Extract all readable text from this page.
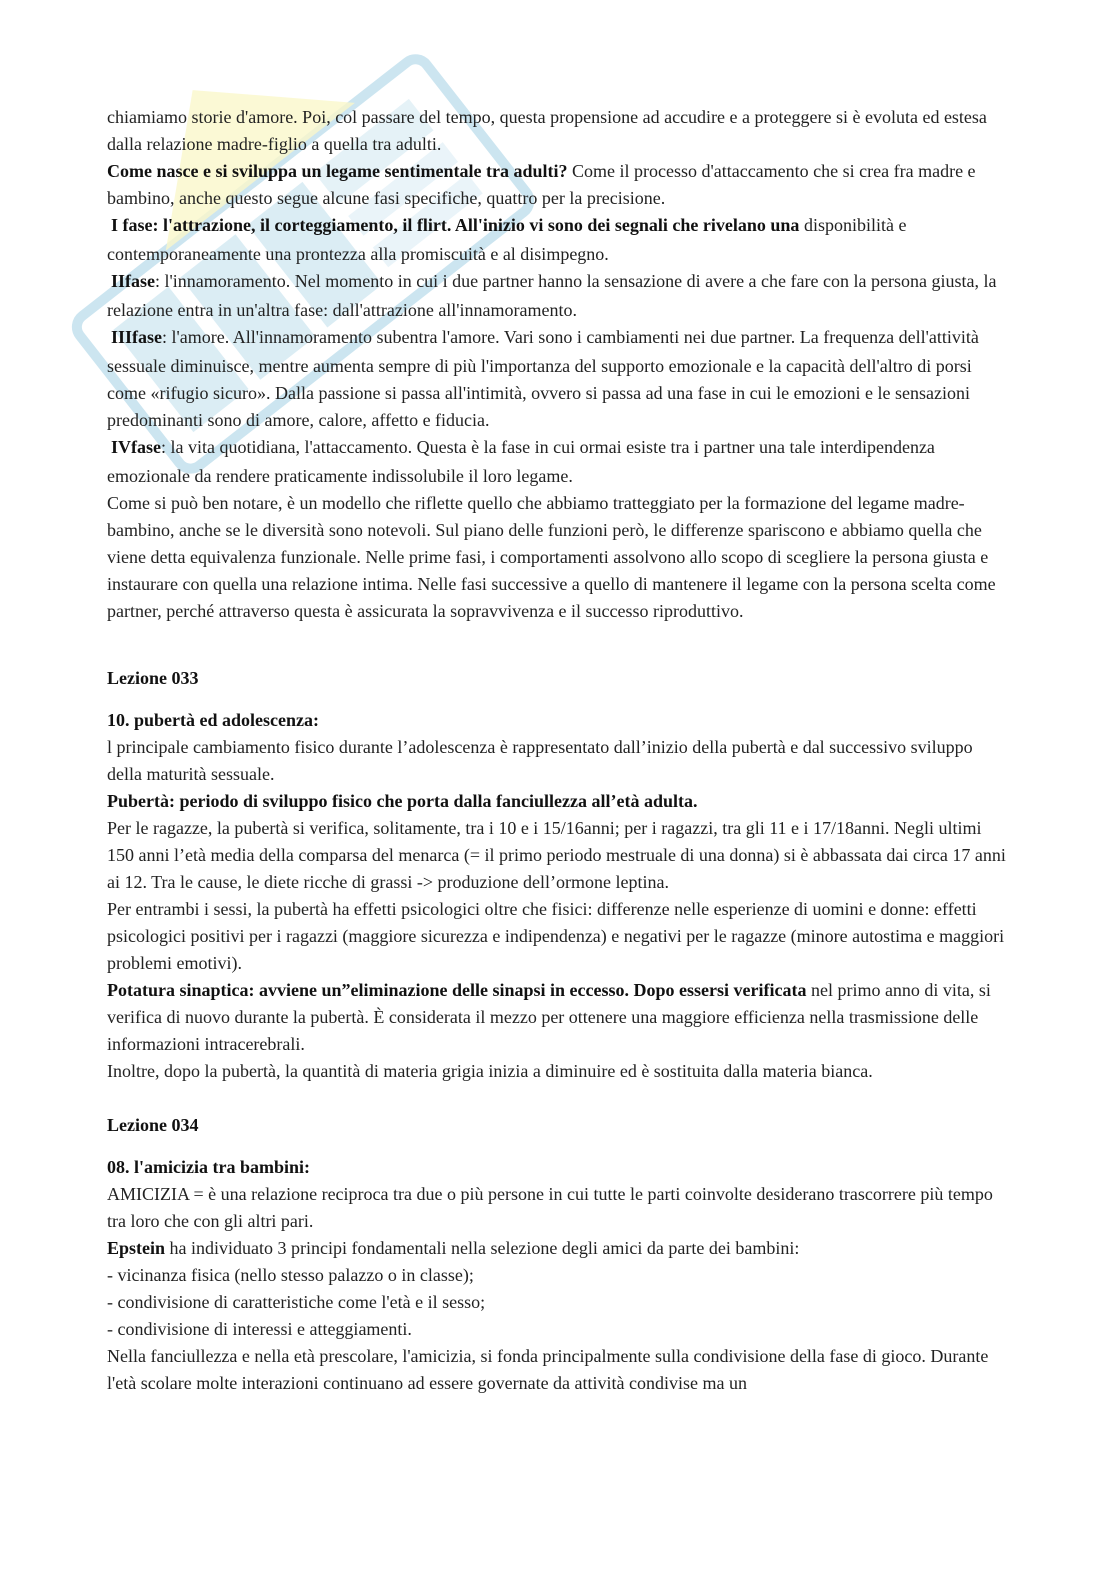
chiamiamo storie d'amore. Poi, col passare del tempo, questa propensione ad accudire e a proteggere si è evoluta ed estesa dalla relazione madre-figlio a quella tra adulti.

Come nasce e si sviluppa un legame sentimentale tra adulti? Come il processo d'attaccamento che si crea fra madre e bambino, anche questo segue alcune fasi specifiche, quattro per la precisione.

I fase: l'attrazione, il corteggiamento, il flirt. All'inizio vi sono dei segnali che rivelano una disponibilità e contemporaneamente una prontezza alla promiscuità e al disimpegno.

IIfase: l'innamoramento. Nel momento in cui i due partner hanno la sensazione di avere a che fare con la persona giusta, la relazione entra in un'altra fase: dall'attrazione all'innamoramento.

IIIfase: l'amore. All'innamoramento subentra l'amore. Vari sono i cambiamenti nei due partner. La frequenza dell'attività sessuale diminuisce, mentre aumenta sempre di più l'importanza del supporto emozionale e la capacità dell'altro di porsi come «rifugio sicuro». Dalla passione si passa all'intimità, ovvero si passa ad una fase in cui le emozioni e le sensazioni predominanti sono di amore, calore, affetto e fiducia.

IVfase: la vita quotidiana, l'attaccamento. Questa è la fase in cui ormai esiste tra i partner una tale interdipendenza emozionale da rendere praticamente indissolubile il loro legame.

Come si può ben notare, è un modello che riflette quello che abbiamo tratteggiato per la formazione del legame madre-bambino, anche se le diversità sono notevoli. Sul piano delle funzioni però, le differenze spariscono e abbiamo quella che viene detta equivalenza funzionale. Nelle prime fasi, i comportamenti assolvono allo scopo di scegliere la persona giusta e instaurare con quella una relazione intima. Nelle fasi successive a quello di mantenere il legame con la persona scelta come partner, perché attraverso questa è assicurata la sopravvivenza e il successo riproduttivo.

Lezione 033

10. pubertà ed adolescenza:

l principale cambiamento fisico durante l’adolescenza è rappresentato dall’inizio della pubertà e dal successivo sviluppo della maturità sessuale.

Pubertà: periodo di sviluppo fisico che porta dalla fanciullezza all’età adulta.

Per le ragazze, la pubertà si verifica, solitamente, tra i 10 e i 15/16anni; per i ragazzi, tra gli 11 e i 17/18anni. Negli ultimi 150 anni l’età media della comparsa del menarca (= il primo periodo mestruale di una donna) si è abbassata dai circa 17 anni ai 12. Tra le cause, le diete ricche di grassi -> produzione dell’ormone leptina.

Per entrambi i sessi, la pubertà ha effetti psicologici oltre che fisici: differenze nelle esperienze di uomini e donne: effetti psicologici positivi per i ragazzi (maggiore sicurezza e indipendenza) e negativi per le ragazze (minore autostima e maggiori problemi emotivi).

Potatura sinaptica: avviene un”eliminazione delle sinapsi in eccesso. Dopo essersi verificata nel primo anno di vita, si verifica di nuovo durante la pubertà. È considerata il mezzo per ottenere una maggiore efficienza nella trasmissione delle informazioni intracerebrali.

Inoltre, dopo la pubertà, la quantità di materia grigia inizia a diminuire ed è sostituita dalla materia bianca.

Lezione 034

08. l'amicizia tra bambini:

AMICIZIA = è una relazione reciproca tra due o più persone in cui tutte le parti coinvolte desiderano trascorrere più tempo tra loro che con gli altri pari.

Epstein ha individuato 3 principi fondamentali nella selezione degli amici da parte dei bambini:

- vicinanza fisica (nello stesso palazzo o in classe);

- condivisione di caratteristiche come l'età e il sesso;

- condivisione di interessi e atteggiamenti.

Nella fanciullezza e nella età prescolare, l'amicizia, si fonda principalmente sulla condivisione della fase di gioco. Durante l'età scolare molte interazioni continuano ad essere governate da attività condivise ma un
